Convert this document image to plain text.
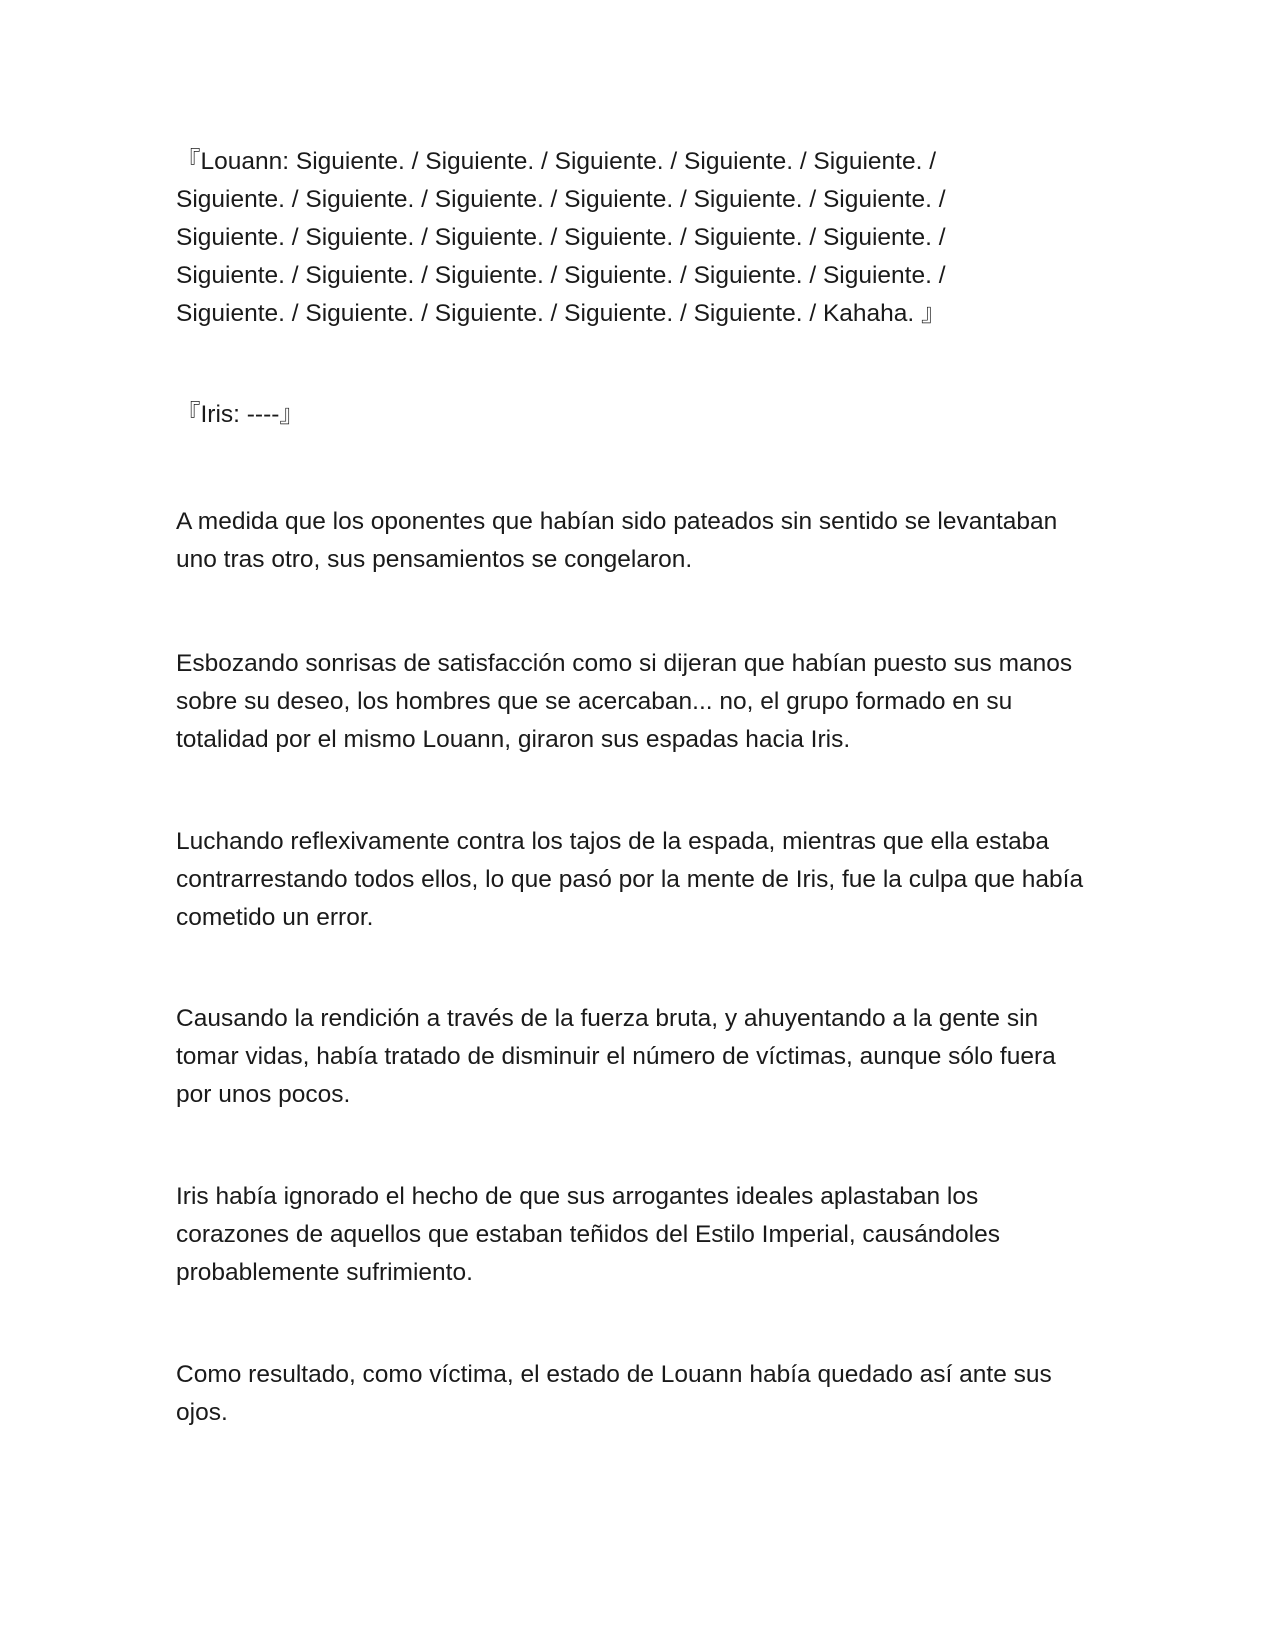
『Louann: Siguiente. / Siguiente. / Siguiente. / Siguiente. / Siguiente. /
Siguiente. / Siguiente. / Siguiente. / Siguiente. / Siguiente. / Siguiente. /
Siguiente. / Siguiente. / Siguiente. / Siguiente. / Siguiente. / Siguiente. /
Siguiente. / Siguiente. / Siguiente. / Siguiente. / Siguiente. / Siguiente. /
Siguiente. / Siguiente. / Siguiente. / Siguiente. / Siguiente. / Kahaha. 』

『Iris: ----』

A medida que los oponentes que habían sido pateados sin sentido se levantaban uno tras otro, sus pensamientos se congelaron.

Esbozando sonrisas de satisfacción como si dijeran que habían puesto sus manos sobre su deseo, los hombres que se acercaban... no, el grupo formado en su totalidad por el mismo Louann, giraron sus espadas hacia Iris.

Luchando reflexivamente contra los tajos de la espada, mientras que ella estaba contrarrestando todos ellos, lo que pasó por la mente de Iris, fue la culpa que había cometido un error.

Causando la rendición a través de la fuerza bruta, y ahuyentando a la gente sin tomar vidas, había tratado de disminuir el número de víctimas, aunque sólo fuera por unos pocos.

Iris había ignorado el hecho de que sus arrogantes ideales aplastaban los corazones de aquellos que estaban teñidos del Estilo Imperial, causándoles probablemente sufrimiento.

Como resultado, como víctima, el estado de Louann había quedado así ante sus ojos.
